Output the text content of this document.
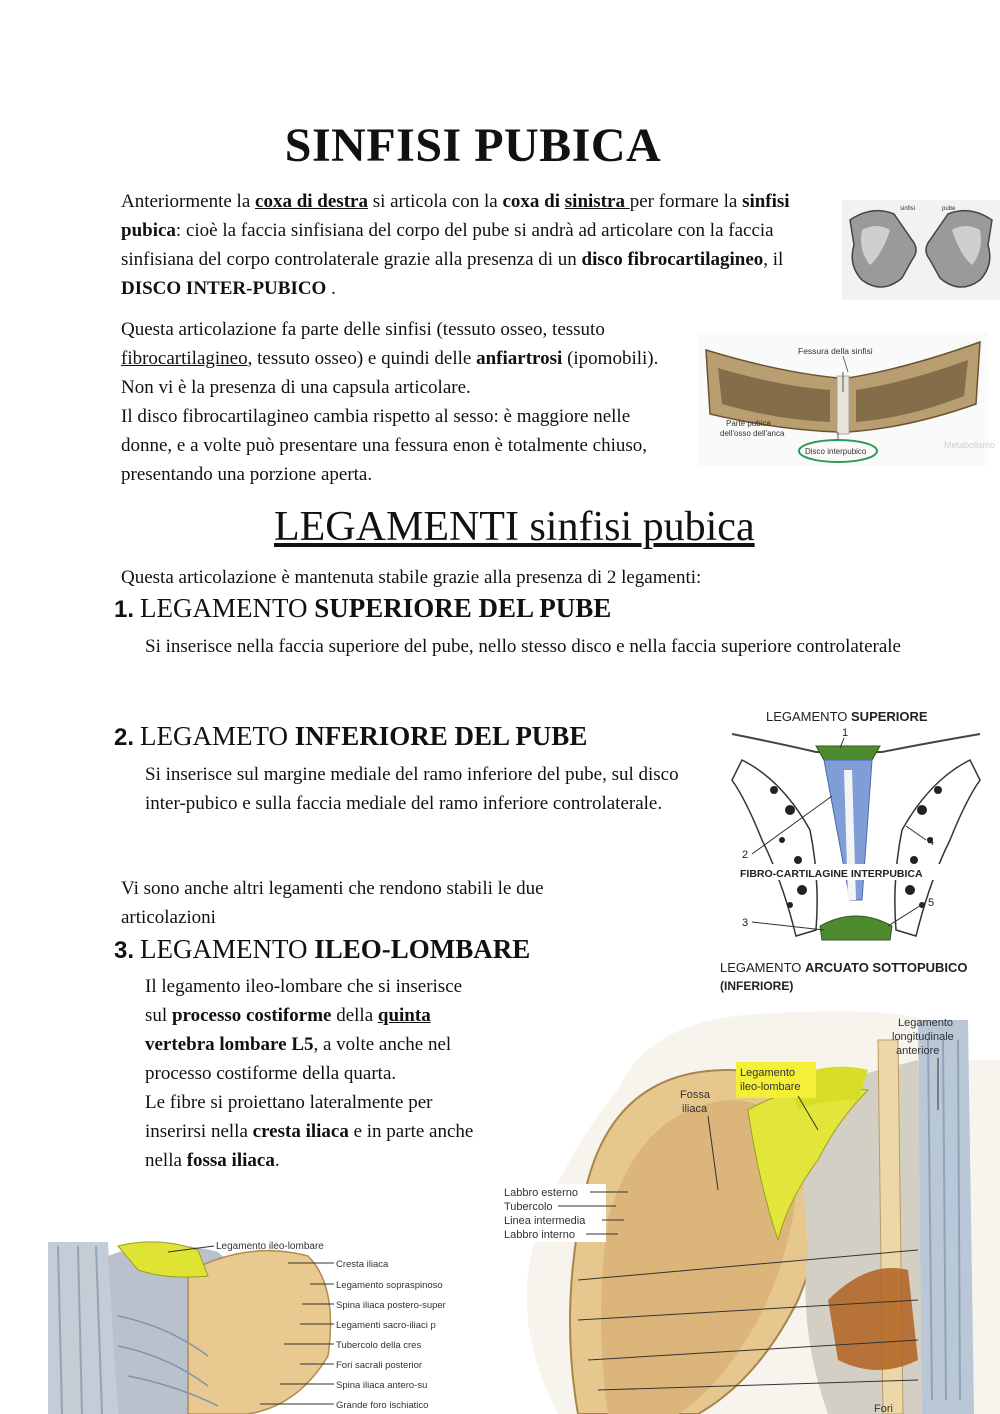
SINFISI PUBICA

Anteriormente la coxa di destra si articola con la coxa di sinistra per formare la sinfisi pubica: cioè la faccia sinfisiana del corpo del pube si andrà ad articolare con la faccia sinfisiana del corpo controlaterale grazie alla presenza di un disco fibrocartilagineo, il DISCO INTER-PUBICO .

sinfisi	pube

Questa articolazione fa parte delle sinfisi (tessuto osseo, tessuto fibrocartilagineo, tessuto osseo) e quindi delle anfiartrosi (ipomobili). Non vi è la presenza di una capsula articolare.

Il disco fibrocartilagineo cambia rispetto al sesso: è maggiore nelle donne, e a volte può presentare una fessura enon è totalmente chiuso, presentando una porzione aperta.

Fessura della sinfisi
Parte pubica
dell'osso dell'anca
Disco interpubico
Metabolismo
LEGAMENTI sinfisi pubica

Questa articolazione è mantenuta stabile grazie alla presenza di 2 legamenti:

1. LEGAMENTO SUPERIORE DEL PUBE

Si inserisce nella faccia superiore del pube, nello stesso disco e nella faccia superiore controlaterale

2. LEGAMETO INFERIORE DEL PUBE

Si inserisce sul margine mediale del ramo inferiore del pube, sul disco inter-pubico e sulla faccia mediale del ramo inferiore controlaterale.

LEGAMENTO SUPERIORE
1
2
3
4
5
FIBRO-CARTILAGINE INTERPUBICA
LEGAMENTO ARCUATO SOTTOPUBICO
(INFERIORE)

Vi sono anche altri legamenti che rendono stabili le due articolazioni

3. LEGAMENTO ILEO-LOMBARE

Il legamento ileo-lombare che si inserisce sul processo costiforme della quinta vertebra lombare L5, a volte anche nel processo costiforme della quarta.

Le fibre si proiettano lateralmente per inserirsi nella cresta iliaca e in parte anche nella fossa iliaca.

Legamento
ileo-lombare
Legamento
longitudinale
anteriore
Fossa
iliaca
Labbro esterno
Tubercolo
Linea intermedia
Labbro interno
Fori
Legamento ileo-lombare
Cresta iliaca
Legamento sopraspinoso
Spina iliaca postero-super
Legamenti sacro-iliaci p
Tubercolo della cres
Fori sacrali posterior
Spina iliaca antero-su
Grande foro ischiatico
